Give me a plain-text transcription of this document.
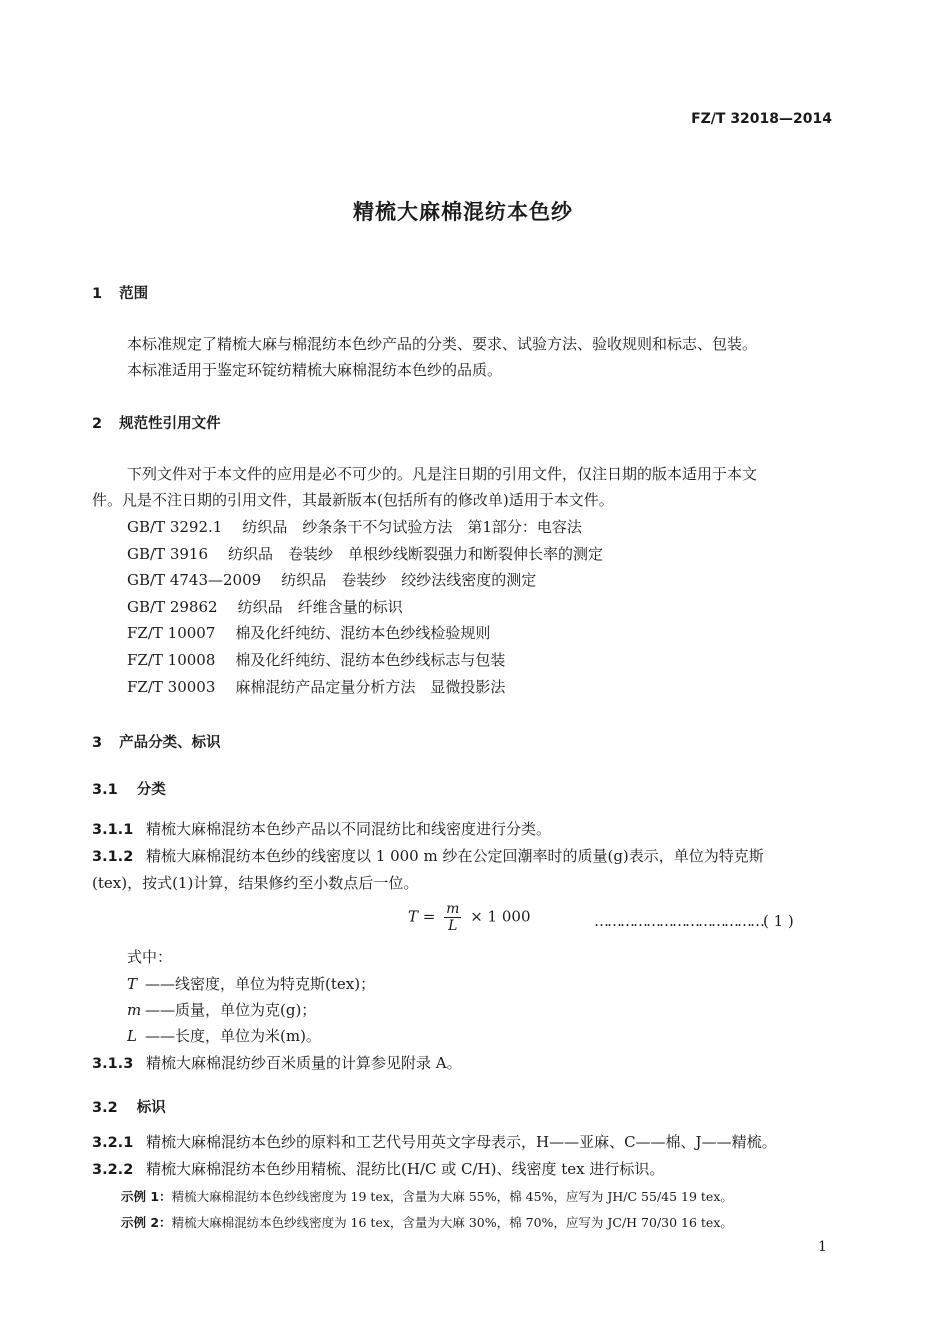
FZ/T 32018—2014
精梳大麻棉混纺本色纱
1 范围
本标准规定了精梳大麻与棉混纺本色纱产品的分类、要求、试验方法、验收规则和标志、包装。
本标准适用于鉴定环锭纺精梳大麻棉混纺本色纱的品质。
2 规范性引用文件
下列文件对于本文件的应用是必不可少的。凡是注日期的引用文件，仅注日期的版本适用于本文
件。凡是不注日期的引用文件，其最新版本(包括所有的修改单)适用于本文件。
GB/T 3292.1 纺织品　纱条条干不匀试验方法　第1部分：电容法
GB/T 3916 纺织品　卷装纱　单根纱线断裂强力和断裂伸长率的测定
GB/T 4743—2009 纺织品　卷装纱　绞纱法线密度的测定
GB/T 29862 纺织品　纤维含量的标识
FZ/T 10007 棉及化纤纯纺、混纺本色纱线检验规则
FZ/T 10008 棉及化纤纯纺、混纺本色纱线标志与包装
FZ/T 30003 麻棉混纺产品定量分析方法　显微投影法
3 产品分类、标识
3.1 分类
3.1.1 精梳大麻棉混纺本色纱产品以不同混纺比和线密度进行分类。
3.1.2 精梳大麻棉混纺本色纱的线密度以 1 000 m 纱在公定回潮率时的质量(g)表示，单位为特克斯
(tex)，按式(1)计算，结果修约至小数点后一位。
$T = \frac{m}{L} \times 1$ 000	…………………………………( 1 )
式中：
T ——线密度，单位为特克斯(tex)；
m ——质量，单位为克(g)；
L ——长度，单位为米(m)。
3.1.3 精梳大麻棉混纺纱百米质量的计算参见附录 A。
3.2 标识
3.2.1 精梳大麻棉混纺本色纱的原料和工艺代号用英文字母表示，H——亚麻、C——棉、J——精梳。
3.2.2 精梳大麻棉混纺本色纱用精梳、混纺比(H/C 或 C/H)、线密度 tex 进行标识。
示例 1：精梳大麻棉混纺本色纱线密度为 19 tex，含量为大麻 55%，棉 45%，应写为 JH/C 55/45 19 tex。
示例 2：精梳大麻棉混纺本色纱线密度为 16 tex，含量为大麻 30%，棉 70%，应写为 JC/H 70/30 16 tex。
1
